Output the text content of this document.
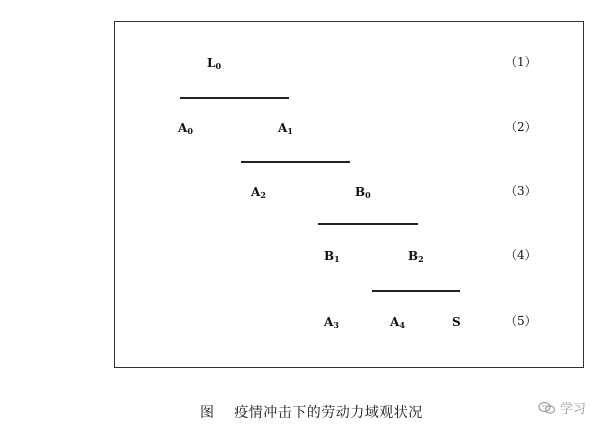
$L_0$	（1）
$A_0$	$A_1$	（2）
$A_2$	$B_0$	（3）
$B_1$	$B_2$	（4）
$A_3$	$A_4$	S	（5）
图    疫情冲击下的劳动力域观状况	学习
